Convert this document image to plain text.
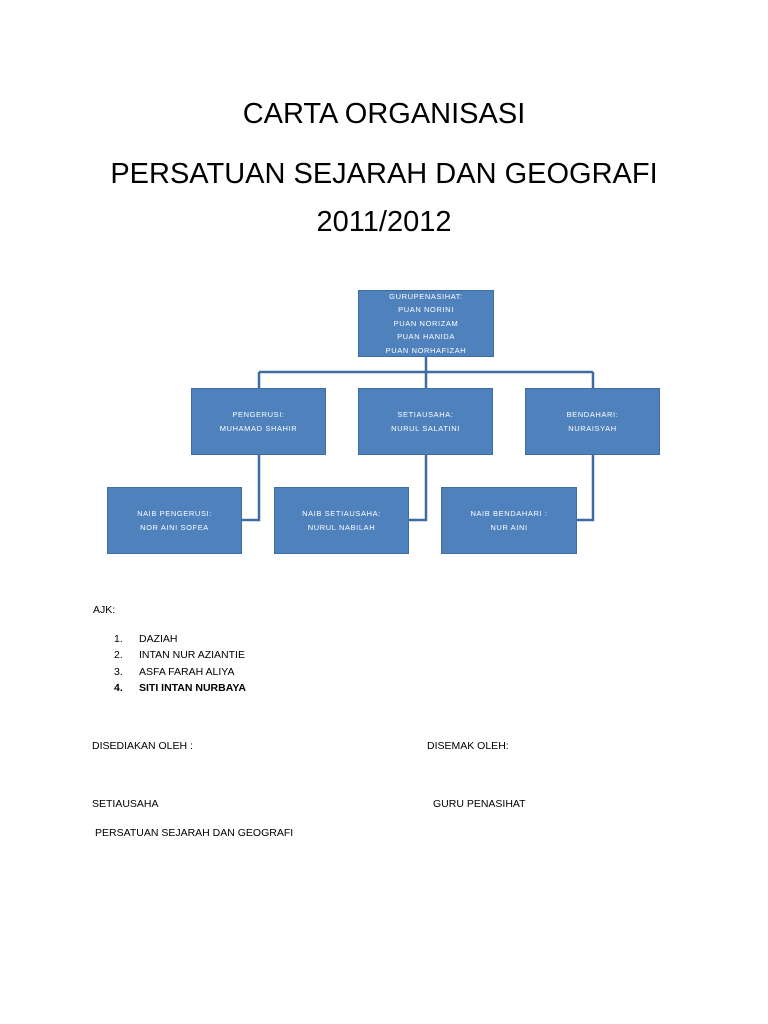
CARTA ORGANISASI
PERSATUAN SEJARAH DAN GEOGRAFI
2011/2012
GURUPENASIHAT:
PUAN NORINI
PUAN NORIZAM
PUAN HANIDA
PUAN NORHAFIZAH
PENGERUSI:
MUHAMAD SHAHIR
SETIAUSAHA:
NURUL SALATINI
BENDAHARI:
NURAISYAH
NAIB PENGERUSI:
NOR AINI SOFEA
NAIB SETIAUSAHA:
NURUL NABILAH
NAIB BENDAHARI :
NUR AINI
AJK:
1. DAZIAH
2. INTAN NUR AZIANTIE
3. ASFA FARAH ALIYA
4. SITI INTAN NURBAYA
DISEDIAKAN OLEH :	DISEMAK OLEH:
SETIAUSAHA	GURU PENASIHAT
PERSATUAN SEJARAH DAN GEOGRAFI
